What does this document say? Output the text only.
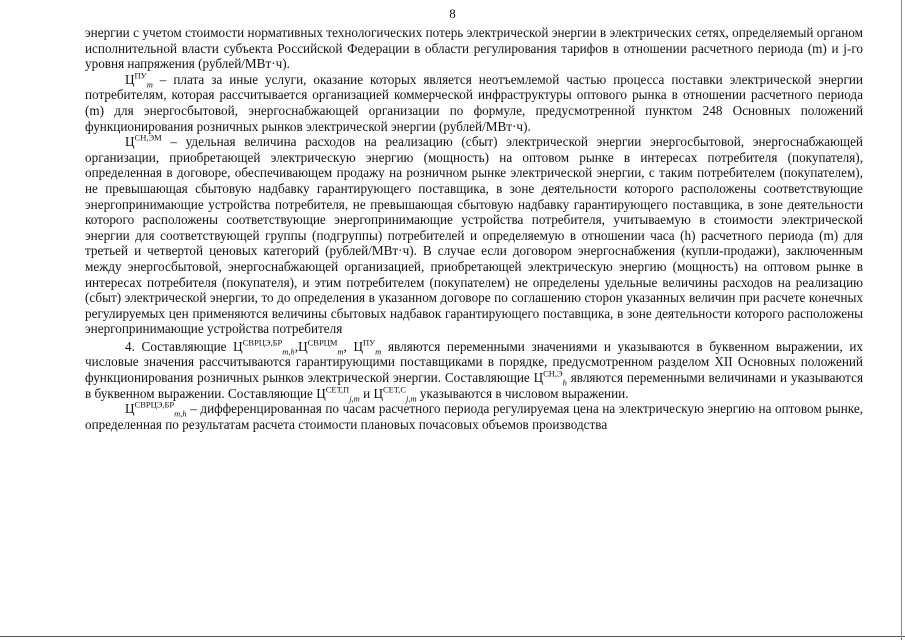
8

энергии с учетом стоимости нормативных технологических потерь электрической энергии в электрических сетях, определяемый органом исполнительной власти субъекта Российской Федерации в области регулирования тарифов в отношении расчетного периода (m) и j-го уровня напряжения (рублей/МВт·ч).

$Ц^{ПУ}_m$ – плата за иные услуги, оказание которых является неотъемлемой частью процесса поставки электрической энергии потребителям, которая рассчитывается организацией коммерческой инфраструктуры оптового рынка в отношении расчетного периода (m) для энергосбытовой, энергоснабжающей организации по формуле, предусмотренной пунктом 248 Основных положений функционирования розничных рынков электрической энергии (рублей/МВт·ч).

$Ц^{СН,ЭМ}$ – удельная величина расходов на реализацию (сбыт) электрической энергии энергосбытовой, энергоснабжающей организации, приобретающей электрическую энергию (мощность) на оптовом рынке в интересах потребителя (покупателя), определенная в договоре, обеспечивающем продажу на розничном рынке электрической энергии, с таким потребителем (покупателем), не превышающая сбытовую надбавку гарантирующего поставщика, в зоне деятельности которого расположены соответствующие энергопринимающие устройства потребителя, не превышающая сбытовую надбавку гарантирующего поставщика, в зоне деятельности которого расположены соответствующие энергопринимающие устройства потребителя, учитываемую в стоимости электрической энергии для соответствующей группы (подгруппы) потребителей и определяемую в отношении часа (h) расчетного периода (m) для третьей и четвертой ценовых категорий (рублей/МВт·ч). В случае если договором энергоснабжения (купли-продажи), заключенным между энергосбытовой, энергоснабжающей организацией, приобретающей электрическую энергию (мощность) на оптовом рынке в интересах потребителя (покупателя), и этим потребителем (покупателем) не определены удельные величины расходов на реализацию (сбыт) электрической энергии, то до определения в указанном договоре по соглашению сторон указанных величин при расчете конечных регулируемых цен применяются величины сбытовых надбавок гарантирующего поставщика, в зоне деятельности которого расположены энергопринимающие устройства потребителя

4. Составляющие $Ц^{СВРЦЭ,БР}_{m,h},Ц^{СВРЦМ}_m$, $Ц^{ПУ}_m$ являются переменными значениями и указываются в буквенном выражении, их числовые значения рассчитываются гарантирующими поставщиками в порядке, предусмотренном разделом XII Основных положений функционирования розничных рынков электрической энергии. Составляющие $Ц^{СН,Э}_h$ являются переменными величинами и указываются в буквенном выражении. Составляющие $Ц^{СЕТ,П}_{j,m}$ и $Ц^{СЕТ,С}_{j,m}$ указываются в числовом выражении.

$Ц^{СВРЦЭ,БР}_{m,h}$ – дифференцированная по часам расчетного периода регулируемая цена на электрическую энергию на оптовом рынке, определенная по результатам расчета стоимости плановых почасовых объемов производства
